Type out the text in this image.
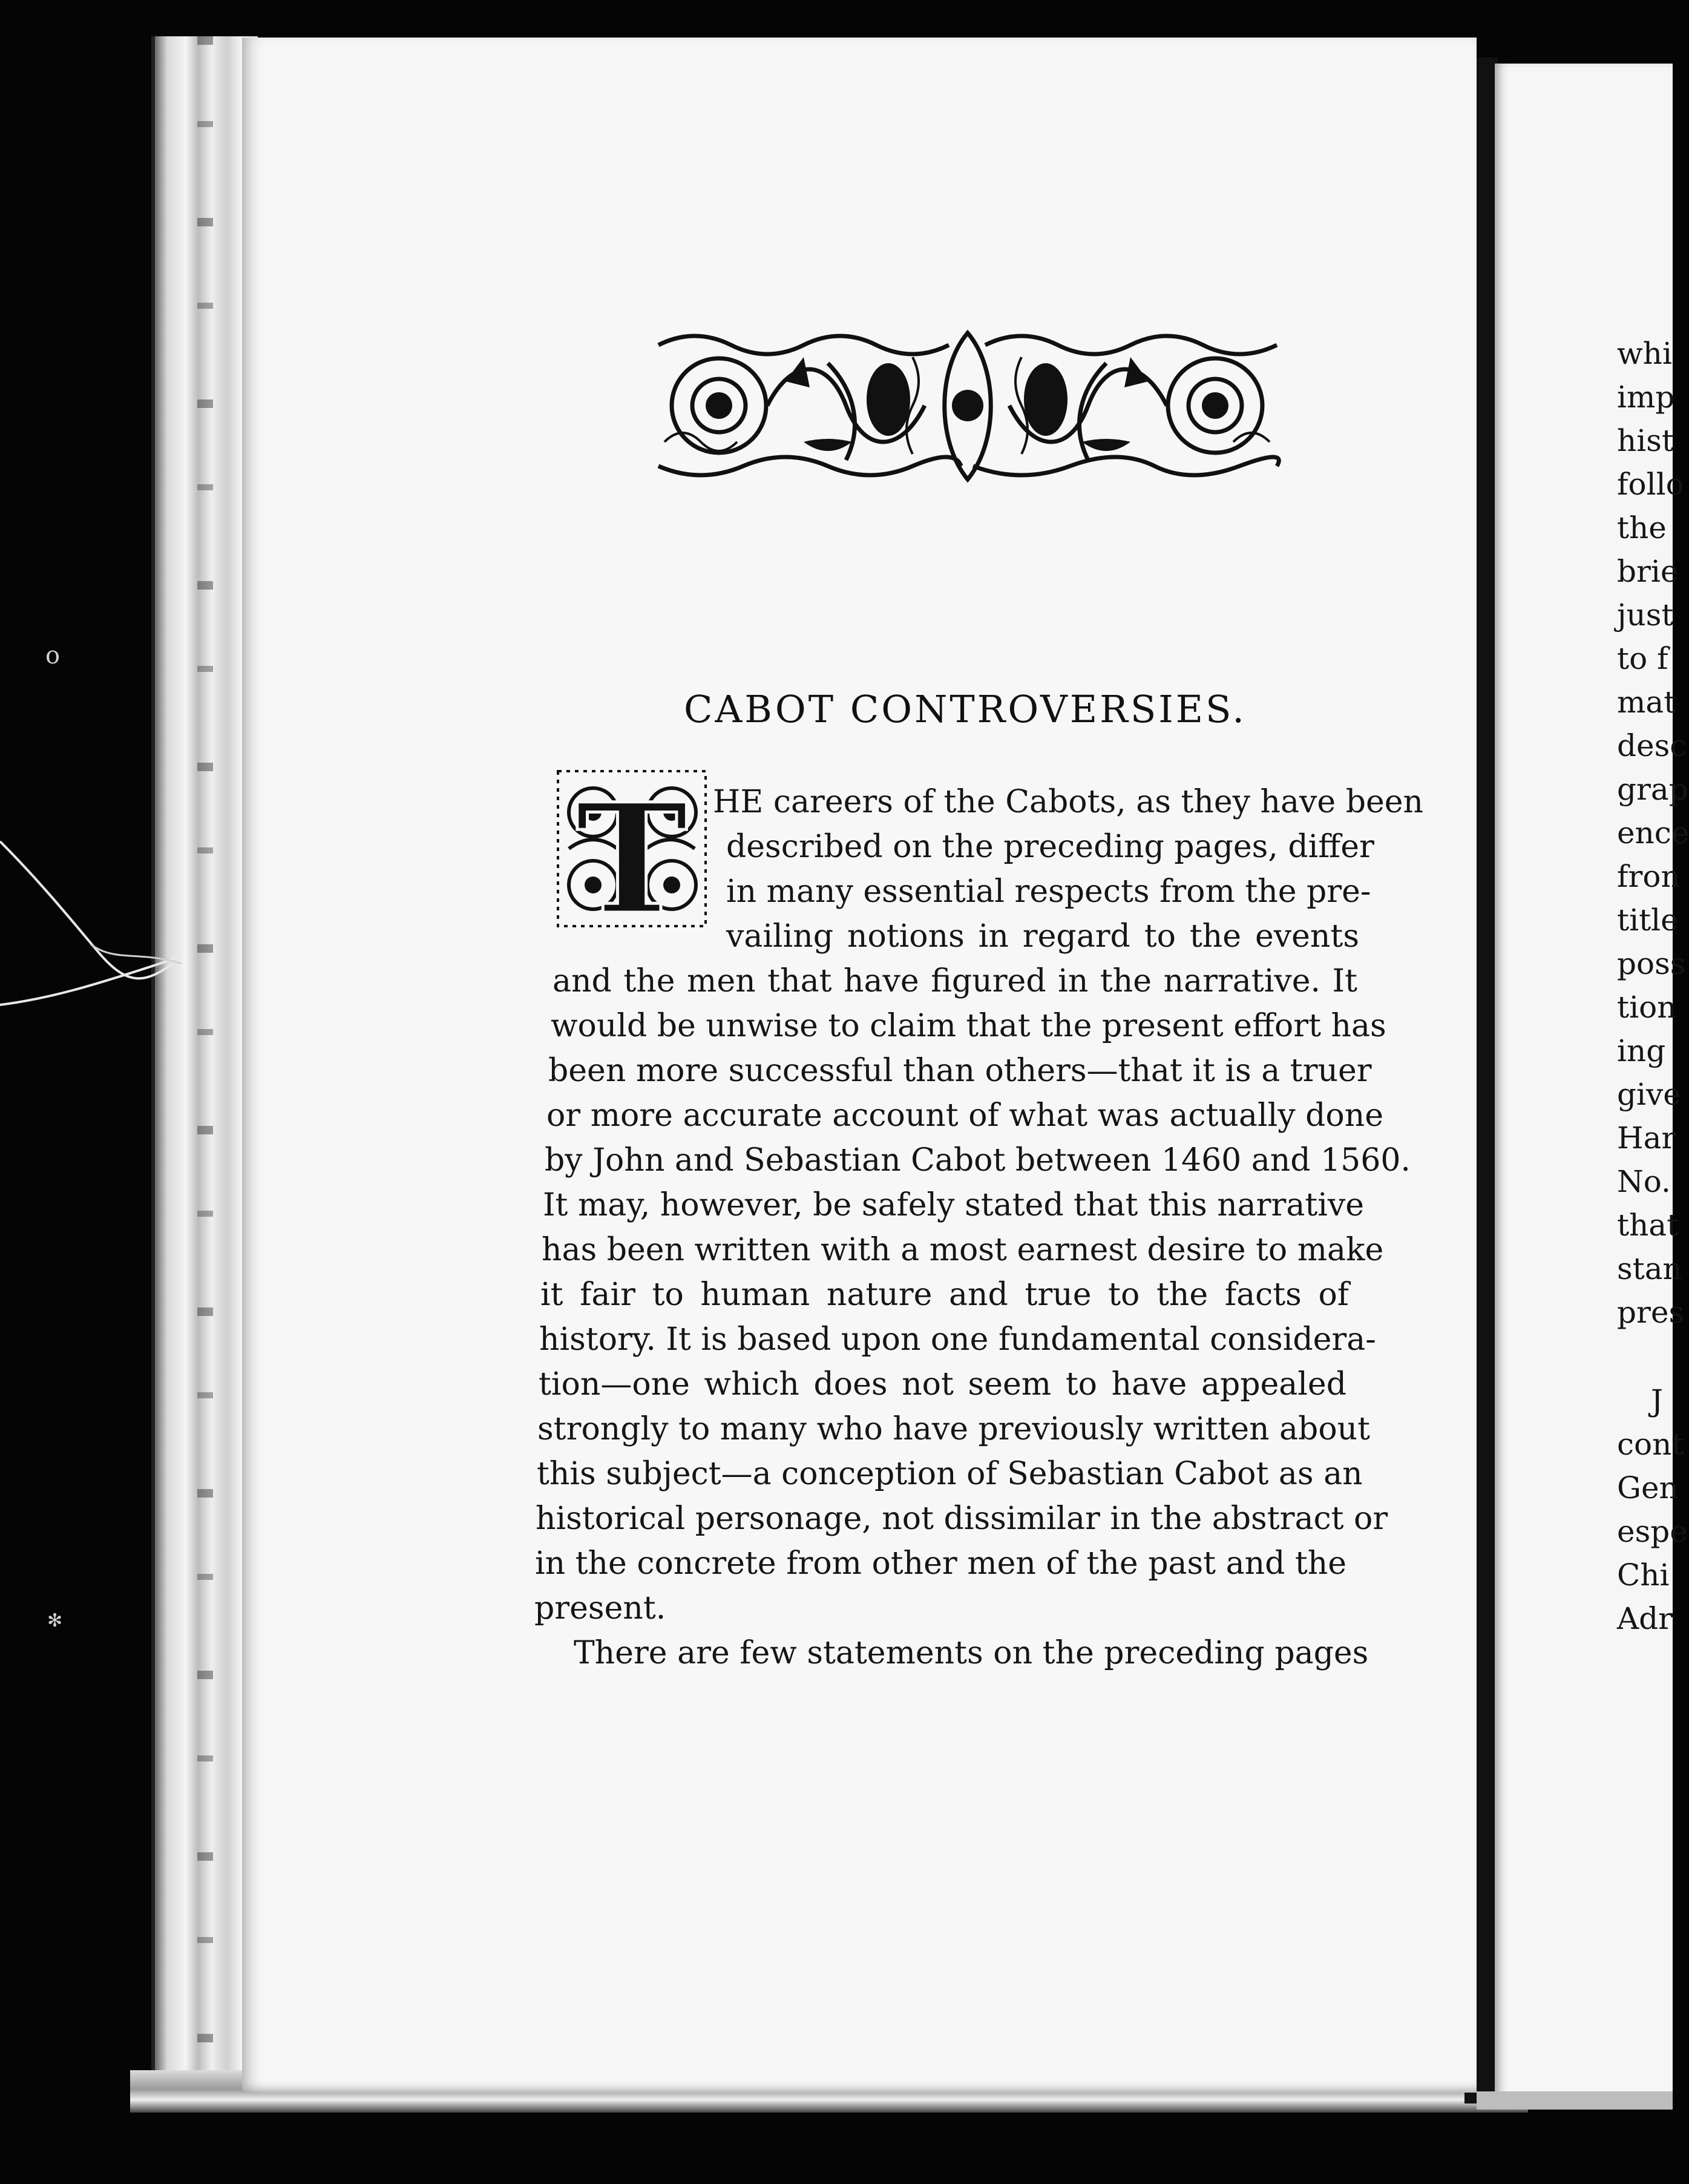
o
✻
CABOT CONTROVERSIES.
T HE careers of the Cabots, as they have been
described on the preceding pages, differ
in many essential respects from the pre-
vailing notions in regard to the events
and the men that have figured in the narrative. It
would be unwise to claim that the present effort has
been more successful than others—that it is a truer
or more accurate account of what was actually done
by John and Sebastian Cabot between 1460 and 1560.
It may, however, be safely stated that this narrative
has been written with a most earnest desire to make
it fair to human nature and true to the facts of
history. It is based upon one fundamental considera-
tion—one which does not seem to have appealed
strongly to many who have previously written about
this subject—a conception of Sebastian Cabot as an
historical personage, not dissimilar in the abstract or
in the concrete from other men of the past and the
present.
There are few statements on the preceding pages
whi
imp
hist
follo
the
brie
just
to f
mat
desc
grap
ence
fron
title
poss
tion
ing
give
Har
No.
that
stan
pres
J
cont
Gen
espe
Chi
Adr
